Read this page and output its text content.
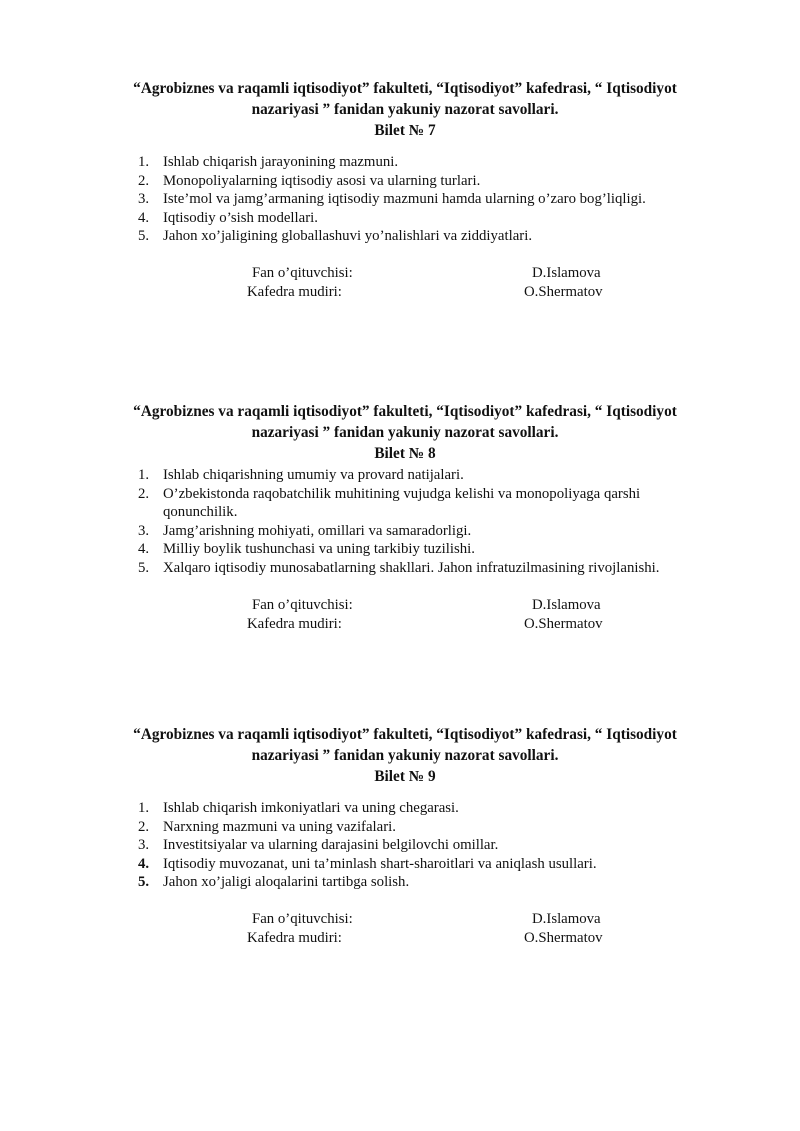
“Agrobiznes va raqamli iqtisodiyot” fakulteti, “Iqtisodiyot” kafedrasi, “ Iqtisodiyot
nazariyasi ” fanidan yakuniy nazorat savollari.
Bilet № 7
1. Ishlab chiqarish jarayonining mazmuni.
2. Monopoliyalarning iqtisodiy asosi va ularning turlari.
3. Iste’mol va jamg’armaning iqtisodiy mazmuni hamda ularning o’zaro bog’liqligi.
4. Iqtisodiy o’sish modellari.
5. Jahon xo’jaligining globallashuvi yo’nalishlari va ziddiyatlari.
Fan o’qituvchisi:	D.Islamova
Kafedra mudiri:	O.Shermatov
“Agrobiznes va raqamli iqtisodiyot” fakulteti, “Iqtisodiyot” kafedrasi, “ Iqtisodiyot
nazariyasi ” fanidan yakuniy nazorat savollari.
Bilet № 8
1. Ishlab chiqarishning umumiy va provard natijalari.
2. O’zbekistonda raqobatchilik muhitining vujudga kelishi va monopoliyaga qarshi qonunchilik.
3. Jamg’arishning mohiyati, omillari va samaradorligi.
4. Milliy boylik tushunchasi va uning tarkibiy tuzilishi.
5. Xalqaro iqtisodiy munosabatlarning shakllari. Jahon infratuzilmasining rivojlanishi.
Fan o’qituvchisi:	D.Islamova
Kafedra mudiri:	O.Shermatov
“Agrobiznes va raqamli iqtisodiyot” fakulteti, “Iqtisodiyot” kafedrasi, “ Iqtisodiyot
nazariyasi ” fanidan yakuniy nazorat savollari.
Bilet № 9
1. Ishlab chiqarish imkoniyatlari va uning chegarasi.
2. Narxning mazmuni va uning vazifalari.
3. Investitsiyalar va ularning darajasini belgilovchi omillar.
4. Iqtisodiy muvozanat, uni ta’minlash shart-sharoitlari va aniqlash usullari.
5. Jahon xo’jaligi aloqalarini tartibga solish.
Fan o’qituvchisi:	D.Islamova
Kafedra mudiri:	O.Shermatov
